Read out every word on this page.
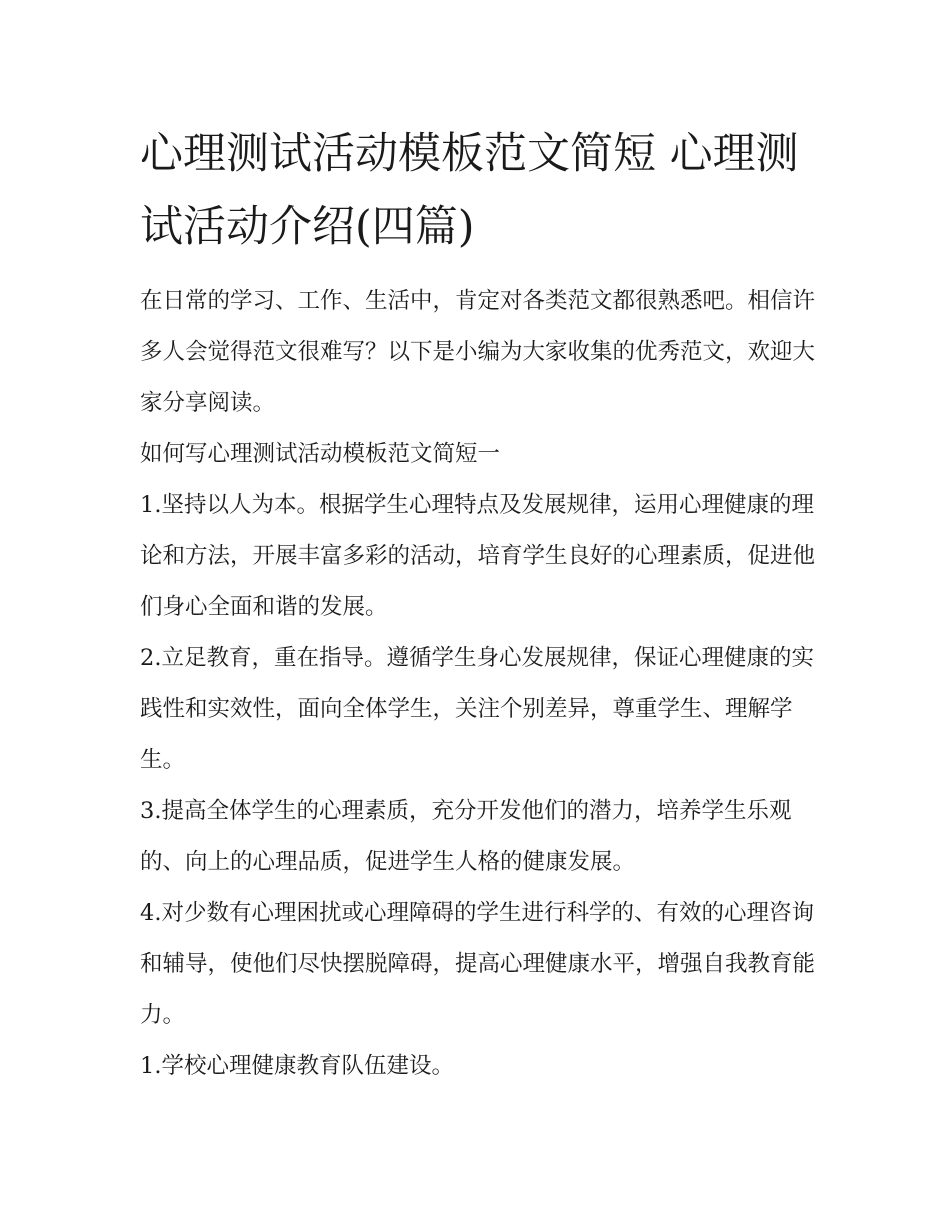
心理测试活动模板范文简短 心理测试活动介绍(四篇)

在日常的学习、工作、生活中，肯定对各类范文都很熟悉吧。相信许多人会觉得范文很难写？以下是小编为大家收集的优秀范文，欢迎大家分享阅读。

如何写心理测试活动模板范文简短一

1.坚持以人为本。根据学生心理特点及发展规律，运用心理健康的理论和方法，开展丰富多彩的活动，培育学生良好的心理素质，促进他们身心全面和谐的发展。

2.立足教育，重在指导。遵循学生身心发展规律，保证心理健康的实践性和实效性，面向全体学生，关注个别差异，尊重学生、理解学生。

3.提高全体学生的心理素质，充分开发他们的潜力，培养学生乐观的、向上的心理品质，促进学生人格的健康发展。

4.对少数有心理困扰或心理障碍的学生进行科学的、有效的心理咨询和辅导，使他们尽快摆脱障碍，提高心理健康水平，增强自我教育能力。

1.学校心理健康教育队伍建设。
